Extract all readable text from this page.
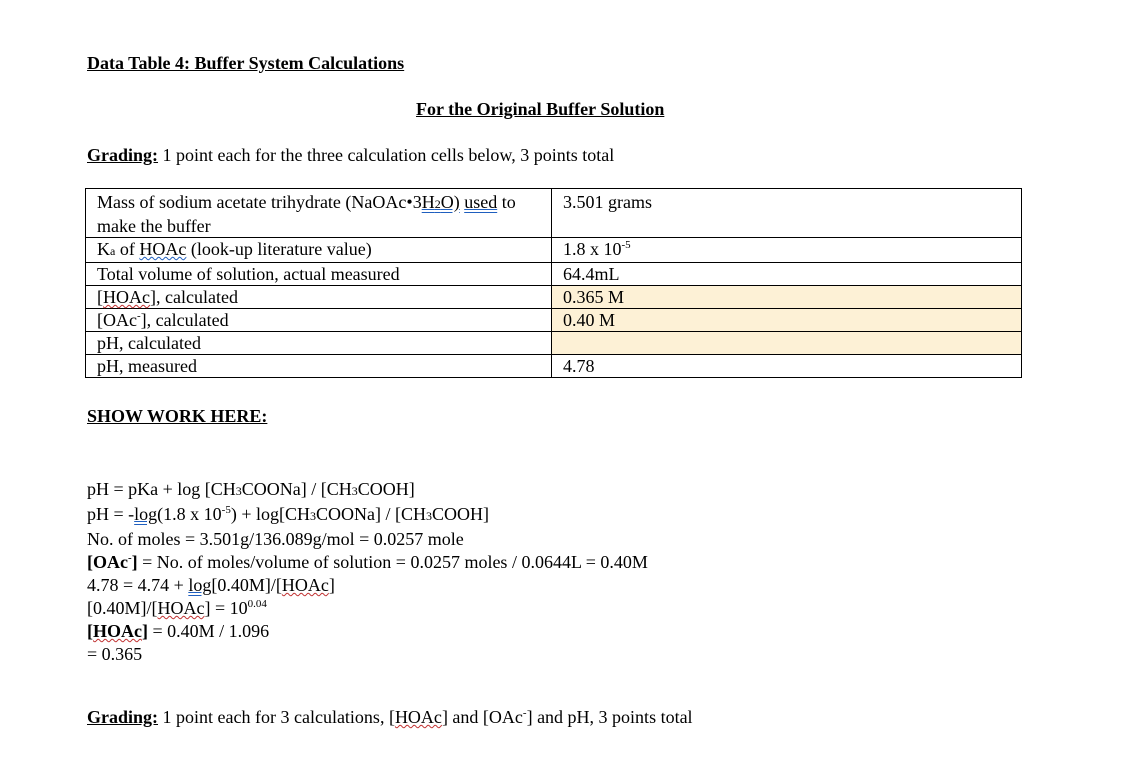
Data Table 4: Buffer System Calculations
For the Original Buffer Solution
Grading: 1 point each for the three calculation cells below, 3 points total
Mass of sodium acetate trihydrate (NaOAc•3H2O) used to make the buffer	3.501 grams
Ka of HOAc (look-up literature value)	1.8 x $10^{-5}$
Total volume of solution, actual measured	64.4mL
[HOAc], calculated	0.365 M
[OAc-], calculated	0.40 M
pH, calculated	
pH, measured	4.78
SHOW WORK HERE:
pH = pKa + log [CH3COONa] / [CH3COOH]
pH = -log(1.8 x $10^{-5}$) + log[CH3COONa] / [CH3COOH]
No. of moles = 3.501g/136.089g/mol = 0.0257 mole
[OAc-] = No. of moles/volume of solution = 0.0257 moles / 0.0644L = 0.40M
4.78 = 4.74 + log[0.40M]/[HOAc]
[0.40M]/[HOAc] = $10^{0.04}$
[HOAc] = 0.40M / 1.096
= 0.365
Grading: 1 point each for 3 calculations, [HOAc] and [OAc-] and pH, 3 points total
